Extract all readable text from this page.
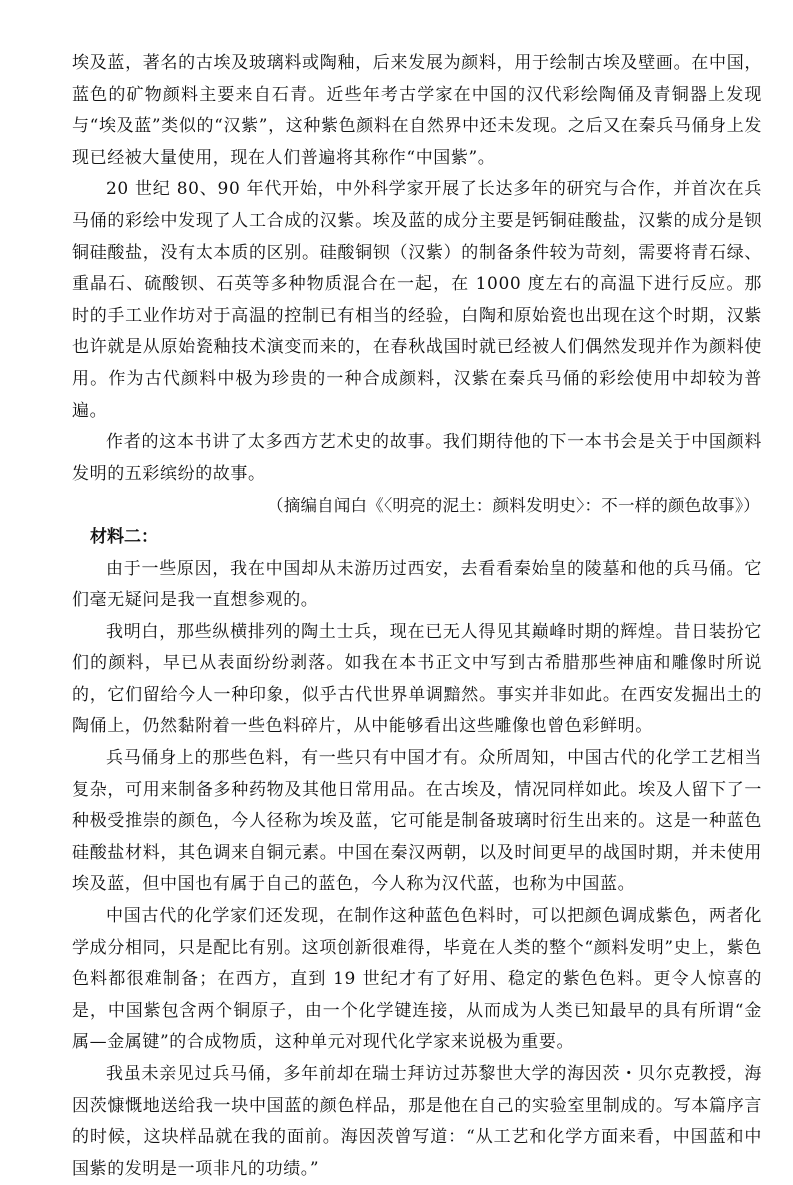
埃及蓝，著名的古埃及玻璃料或陶釉，后来发展为颜料，用于绘制古埃及壁画。在中国，蓝色的矿物颜料主要来自石青。近些年考古学家在中国的汉代彩绘陶俑及青铜器上发现与“埃及蓝”类似的“汉紫”，这种紫色颜料在自然界中还未发现。之后又在秦兵马俑身上发现已经被大量使用，现在人们普遍将其称作“中国紫”。

20 世纪 80、90 年代开始，中外科学家开展了长达多年的研究与合作，并首次在兵马俑的彩绘中发现了人工合成的汉紫。埃及蓝的成分主要是钙铜硅酸盐，汉紫的成分是钡铜硅酸盐，没有太本质的区别。硅酸铜钡（汉紫）的制备条件较为苛刻，需要将青石绿、重晶石、硫酸钡、石英等多种物质混合在一起，在 1000 度左右的高温下进行反应。那时的手工业作坊对于高温的控制已有相当的经验，白陶和原始瓷也出现在这个时期，汉紫也许就是从原始瓷釉技术演变而来的，在春秋战国时就已经被人们偶然发现并作为颜料使用。作为古代颜料中极为珍贵的一种合成颜料，汉紫在秦兵马俑的彩绘使用中却较为普遍。

作者的这本书讲了太多西方艺术史的故事。我们期待他的下一本书会是关于中国颜料发明的五彩缤纷的故事。

（摘编自闻白《〈明亮的泥土：颜料发明史〉：不一样的颜色故事》）

材料二：

由于一些原因，我在中国却从未游历过西安，去看看秦始皇的陵墓和他的兵马俑。它们毫无疑问是我一直想参观的。

我明白，那些纵横排列的陶土士兵，现在已无人得见其巅峰时期的辉煌。昔日装扮它们的颜料，早已从表面纷纷剥落。如我在本书正文中写到古希腊那些神庙和雕像时所说的，它们留给今人一种印象，似乎古代世界单调黯然。事实并非如此。在西安发掘出土的陶俑上，仍然黏附着一些色料碎片，从中能够看出这些雕像也曾色彩鲜明。

兵马俑身上的那些色料，有一些只有中国才有。众所周知，中国古代的化学工艺相当复杂，可用来制备多种药物及其他日常用品。在古埃及，情况同样如此。埃及人留下了一种极受推崇的颜色，今人径称为埃及蓝，它可能是制备玻璃时衍生出来的。这是一种蓝色硅酸盐材料，其色调来自铜元素。中国在秦汉两朝，以及时间更早的战国时期，并未使用埃及蓝，但中国也有属于自己的蓝色，今人称为汉代蓝，也称为中国蓝。

中国古代的化学家们还发现，在制作这种蓝色色料时，可以把颜色调成紫色，两者化学成分相同，只是配比有别。这项创新很难得，毕竟在人类的整个“颜料发明”史上，紫色色料都很难制备；在西方，直到 19 世纪才有了好用、稳定的紫色色料。更令人惊喜的是，中国紫包含两个铜原子，由一个化学键连接，从而成为人类已知最早的具有所谓“金属—金属键”的合成物质，这种单元对现代化学家来说极为重要。

我虽未亲见过兵马俑，多年前却在瑞士拜访过苏黎世大学的海因茨・贝尔克教授，海因茨慷慨地送给我一块中国蓝的颜色样品，那是他在自己的实验室里制成的。写本篇序言的时候，这块样品就在我的面前。海因茨曾写道：“从工艺和化学方面来看，中国蓝和中国紫的发明是一项非凡的功绩。”
